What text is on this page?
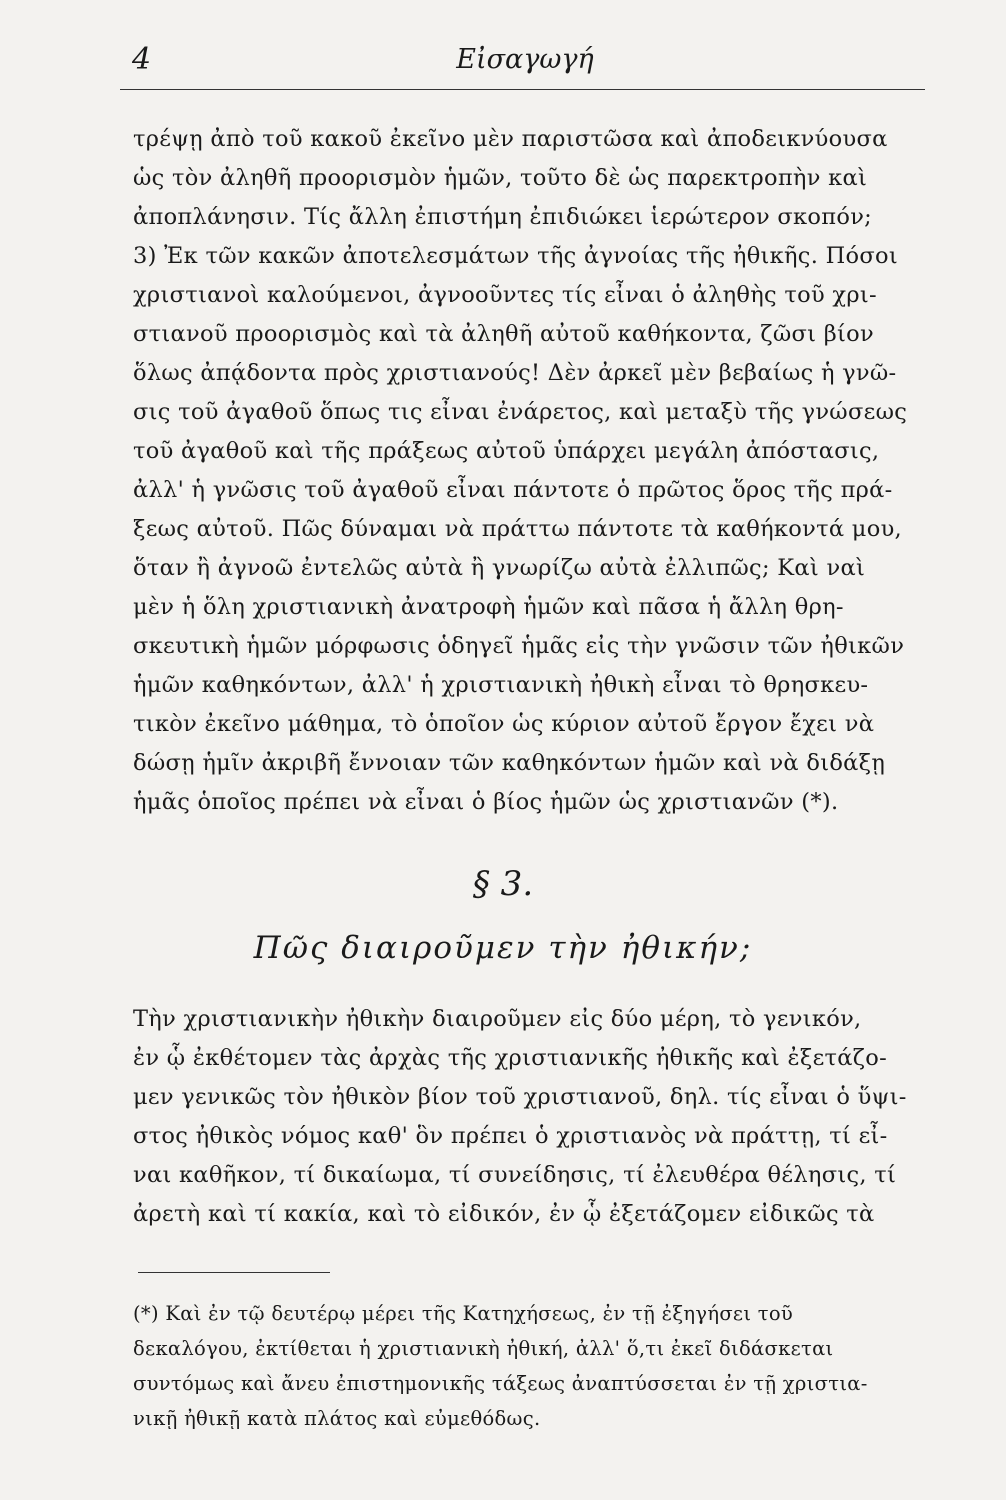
4	Εἰσαγωγή
τρέψῃ ἀπὸ τοῦ κακοῦ ἐκεῖνο μὲν παριστῶσα καὶ ἀποδεικνύουσα
ὡς τὸν ἀληθῆ προορισμὸν ἡμῶν, τοῦτο δὲ ὡς παρεκτροπὴν καὶ
ἀποπλάνησιν. Τίς ἄλλη ἐπιστήμη ἐπιδιώκει ἱερώτερον σκοπόν;
3) Ἐκ τῶν κακῶν ἀποτελεσμάτων τῆς ἀγνοίας τῆς ἠθικῆς. Πόσοι
χριστιανοὶ καλούμενοι, ἀγνοοῦντες τίς εἶναι ὁ ἀληθὴς τοῦ χρι-
στιανοῦ προορισμὸς καὶ τὰ ἀληθῆ αὐτοῦ καθήκοντα, ζῶσι βίον
ὅλως ἀπᾴδοντα πρὸς χριστιανούς! Δὲν ἀρκεῖ μὲν βεβαίως ἡ γνῶ-
σις τοῦ ἀγαθοῦ ὅπως τις εἶναι ἐνάρετος, καὶ μεταξὺ τῆς γνώσεως
τοῦ ἀγαθοῦ καὶ τῆς πράξεως αὐτοῦ ὑπάρχει μεγάλη ἀπόστασις,
ἀλλ' ἡ γνῶσις τοῦ ἀγαθοῦ εἶναι πάντοτε ὁ πρῶτος ὅρος τῆς πρά-
ξεως αὐτοῦ. Πῶς δύναμαι νὰ πράττω πάντοτε τὰ καθήκοντά μου,
ὅταν ἢ ἀγνοῶ ἐντελῶς αὐτὰ ἢ γνωρίζω αὐτὰ ἐλλιπῶς; Καὶ ναὶ
μὲν ἡ ὅλη χριστιανικὴ ἀνατροφὴ ἡμῶν καὶ πᾶσα ἡ ἄλλη θρη-
σκευτικὴ ἡμῶν μόρφωσις ὁδηγεῖ ἡμᾶς εἰς τὴν γνῶσιν τῶν ἠθικῶν
ἡμῶν καθηκόντων, ἀλλ' ἡ χριστιανικὴ ἠθικὴ εἶναι τὸ θρησκευ-
τικὸν ἐκεῖνο μάθημα, τὸ ὁποῖον ὡς κύριον αὐτοῦ ἔργον ἔχει νὰ
δώσῃ ἡμῖν ἀκριβῆ ἔννοιαν τῶν καθηκόντων ἡμῶν καὶ νὰ διδάξῃ
ἡμᾶς ὁποῖος πρέπει νὰ εἶναι ὁ βίος ἡμῶν ὡς χριστιανῶν (*).
§ 3.
Πῶς διαιροῦμεν τὴν ἠθικήν;
Τὴν χριστιανικὴν ἠθικὴν διαιροῦμεν εἰς δύο μέρη, τὸ γενικόν,
ἐν ᾧ ἐκθέτομεν τὰς ἀρχὰς τῆς χριστιανικῆς ἠθικῆς καὶ ἐξετάζο-
μεν γενικῶς τὸν ἠθικὸν βίον τοῦ χριστιανοῦ, δηλ. τίς εἶναι ὁ ὕψι-
στος ἠθικὸς νόμος καθ' ὃν πρέπει ὁ χριστιανὸς νὰ πράττῃ, τί εἶ-
ναι καθῆκον, τί δικαίωμα, τί συνείδησις, τί ἐλευθέρα θέλησις, τί
ἀρετὴ καὶ τί κακία, καὶ τὸ εἰδικόν, ἐν ᾧ ἐξετάζομεν εἰδικῶς τὰ
(*) Καὶ ἐν τῷ δευτέρῳ μέρει τῆς Κατηχήσεως, ἐν τῇ ἐξηγήσει τοῦ
δεκαλόγου, ἐκτίθεται ἡ χριστιανικὴ ἠθική, ἀλλ' ὅ,τι ἐκεῖ διδάσκεται
συντόμως καὶ ἄνευ ἐπιστημονικῆς τάξεως ἀναπτύσσεται ἐν τῇ χριστια-
νικῇ ἠθικῇ κατὰ πλάτος καὶ εὐμεθόδως.
